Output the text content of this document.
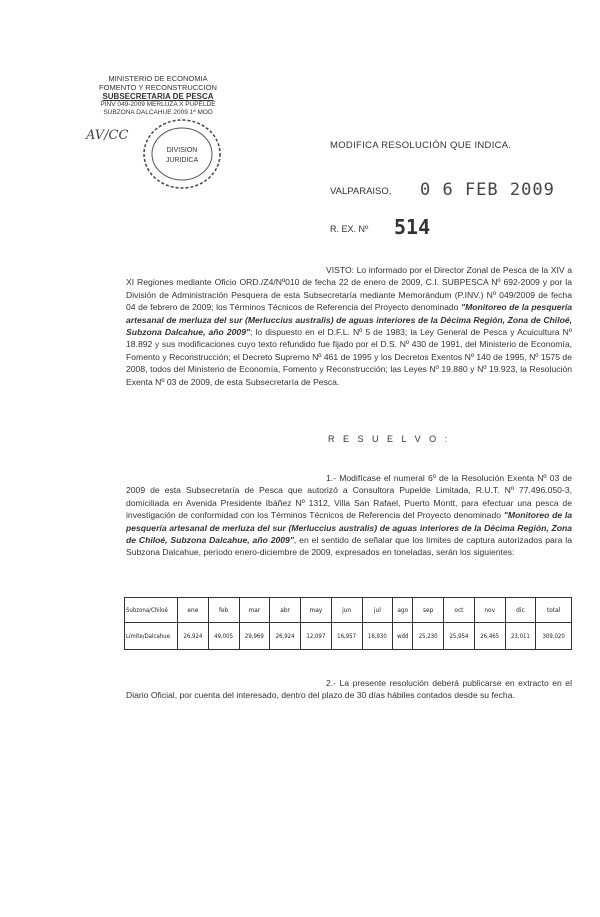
MINISTERIO DE ECONOMIA
FOMENTO Y RECONSTRUCCION
SUBSECRETARIA DE PESCA
PINV 049-2009 MERLUZA X PUPELDE
SUBZONA DALCAHUE 2009 1ª MOD
AV/CC
DIVISION
JURIDICA
MODIFICA RESOLUCIÓN QUE INDICA.
VALPARAISO, 0 6 FEB 2009
R. EX. Nº 514
VISTO: Lo informado por el Director Zonal de Pesca de la XIV a XI Regiones mediante Oficio ORD./Z4/Nº010 de fecha 22 de enero de 2009, C.I. SUBPESCA Nº 692-2009 y por la División de Administración Pesquera de esta Subsecretaría mediante Memorándum (P.INV.) Nº 049/2009 de fecha 04 de febrero de 2009; los Términos Técnicos de Referencia del Proyecto denominado "Monitoreo de la pesquería artesanal de merluza del sur (Merluccius australis) de aguas interiores de la Décima Región, Zona de Chiloé, Subzona Dalcahue, año 2009"; lo dispuesto en el D.F.L. Nº 5 de 1983; la Ley General de Pesca y Acuicultura Nº 18.892 y sus modificaciones cuyo texto refundido fue fijado por el D.S. Nº 430 de 1991, del Ministerio de Economía, Fomento y Reconstrucción; el Decreto Supremo Nº 461 de 1995 y los Decretos Exentos Nº 140 de 1995, Nº 1575 de 2008, todos del Ministerio de Economía, Fomento y Reconstrucción; las Leyes Nº 19.880 y Nº 19.923, la Resolución Exenta Nº 03 de 2009, de esta Subsecretaría de Pesca.
R E S U E L V O :
1.- Modifícase el numeral 6º de la Resolución Exenta Nº 03 de 2009 de esta Subsecretaría de Pesca que autorizó a Consultora Pupelde Limitada, R.U.T. Nº 77.496.050-3, domiciliada en Avenida Presidente Ibáñez Nº 1312, Villa San Rafael, Puerto Montt, para efectuar una pesca de investigación de conformidad con los Términos Técnicos de Referencia del Proyecto denominado "Monitoreo de la pesquería artesanal de merluza del sur (Merluccius australis) de aguas interiores de la Décima Región, Zona de Chiloé, Subzona Dalcahue, año 2009", en el sentido de señalar que los límites de captura autorizados para la Subzona Dalcahue, período enero-diciembre de 2009, expresados en toneladas, serán los siguientes:
Subzona/Chiloé	ene	feb	mar	abr	may	jun	jul	ago	sep	oct	nov	dic	total
Límite/Dalcahue	26,924	49,005	29,969	26,924	12,097	16,957	16,930	wdd	25,230	25,954	26,465	23,011	309,020
2.- La presente resolución deberá publicarse en extracto en el Diario Oficial, por cuenta del interesado, dentro del plazo de 30 días hábiles contados desde su fecha.
